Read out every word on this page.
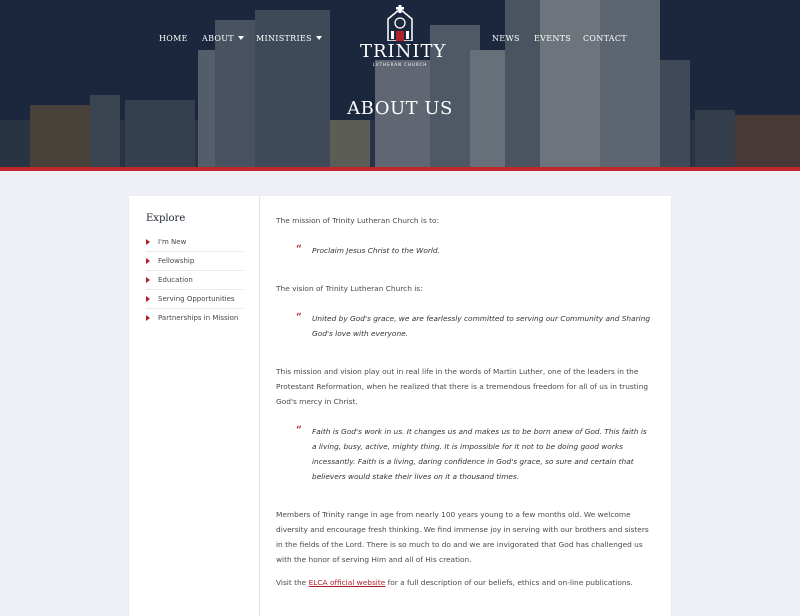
HOME ABOUT	MINISTRIES	NEWS EVENTS CONTACT
TRINITY
LUTHERAN CHURCH
ABOUT US
Explore
I'm New
Fellowship
Education
Serving Opportunities
Partnerships in Mission

The mission of Trinity Lutheran Church is to:

“	Proclaim Jesus Christ to the World.

The vision of Trinity Lutheran Church is:

“	United by God's grace, we are fearlessly committed to serving our Community and Sharing God's love with everyone.

This mission and vision play out in real life in the words of Martin Luther, one of the leaders in the Protestant Reformation, when he realized that there is a tremendous freedom for all of us in trusting God's mercy in Christ.

“	Faith is God's work in us. It changes us and makes us to be born anew of God. This faith is a living, busy, active, mighty thing. It is impossible for it not to be doing good works incessantly. Faith is a living, daring confidence in God's grace, so sure and certain that believers would stake their lives on it a thousand times.

Members of Trinity range in age from nearly 100 years young to a few months old. We welcome diversity and encourage fresh thinking. We find immense joy in serving with our brothers and sisters in the fields of the Lord. There is so much to do and we are invigorated that God has challenged us with the honor of serving Him and all of His creation.

Visit the ELCA official website for a full description of our beliefs, ethics and on-line publications.
